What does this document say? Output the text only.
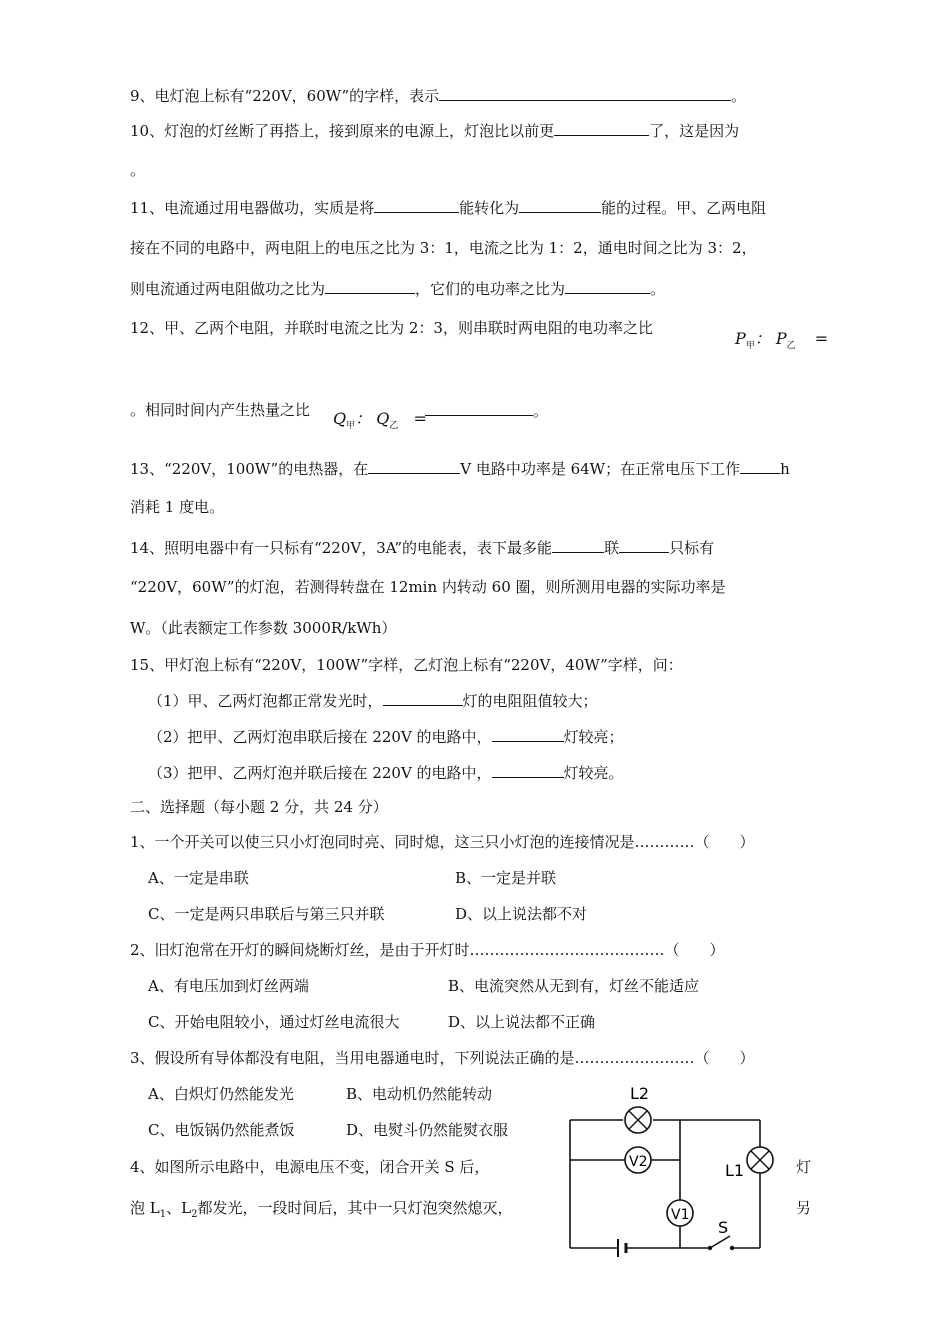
9、电灯泡上标有“220V，60W”的字样，表示	。
10、灯泡的灯丝断了再搭上，接到原来的电源上，灯泡比以前更	了，这是因为
。
11、电流通过用电器做功，实质是将	能转化为	能的过程。甲、乙两电阻
接在不同的电路中，两电阻上的电压之比为 3：1，电流之比为 1：2，通电时间之比为 3：2，
则电流通过两电阻做功之比为	，它们的电功率之比为	。
12、甲、乙两个电阻，并联时电流之比为 2：3，则串联时两电阻的电功率之比
$P_甲$： $P_乙$ =
。相同时间内产生热量之比 $Q_甲$： $Q_乙$ =	。
13、“220V，100W”的电热器，在	V 电路中功率是 64W；在正常电压下工作	h
消耗 1 度电。
14、照明电器中有一只标有“220V，3A”的电能表，表下最多能	联	只标有
“220V，60W”的灯泡，若测得转盘在 12min 内转动 60 圈，则所测用电器的实际功率是
W。（此表额定工作参数 3000R/kWh）
15、甲灯泡上标有“220V，100W”字样，乙灯泡上标有“220V，40W”字样，问：
（1）甲、乙两灯泡都正常发光时，	灯的电阻阻值较大；
（2）把甲、乙两灯泡串联后接在 220V 的电路中，	灯较亮；
（3）把甲、乙两灯泡并联后接在 220V 的电路中，	灯较亮。
二、选择题（每小题 2 分，共 24 分）
1、一个开关可以使三只小灯泡同时亮、同时熄，这三只小灯泡的连接情况是…………（　　）
A、一定是串联	B、一定是并联
C、一定是两只串联后与第三只并联	D、以上说法都不对
2、旧灯泡常在开灯的瞬间烧断灯丝，是由于开灯时…………………………………（　　）
A、有电压加到灯丝两端	B、电流突然从无到有，灯丝不能适应
C、开始电阻较小，通过灯丝电流很大	D、以上说法都不正确
3、假设所有导体都没有电阻，当用电器通电时，下列说法正确的是……………………（　　）
A、白炽灯仍然能发光	B、电动机仍然能转动
C、电饭锅仍然能煮饭	D、电熨斗仍然能熨衣服
4、如图所示电路中，电源电压不变，闭合开关 S 后，	灯
泡 $L_1$、$L_2$都发光，一段时间后，其中一只灯泡突然熄灭，	另
S
L2
L1
V2
V1
